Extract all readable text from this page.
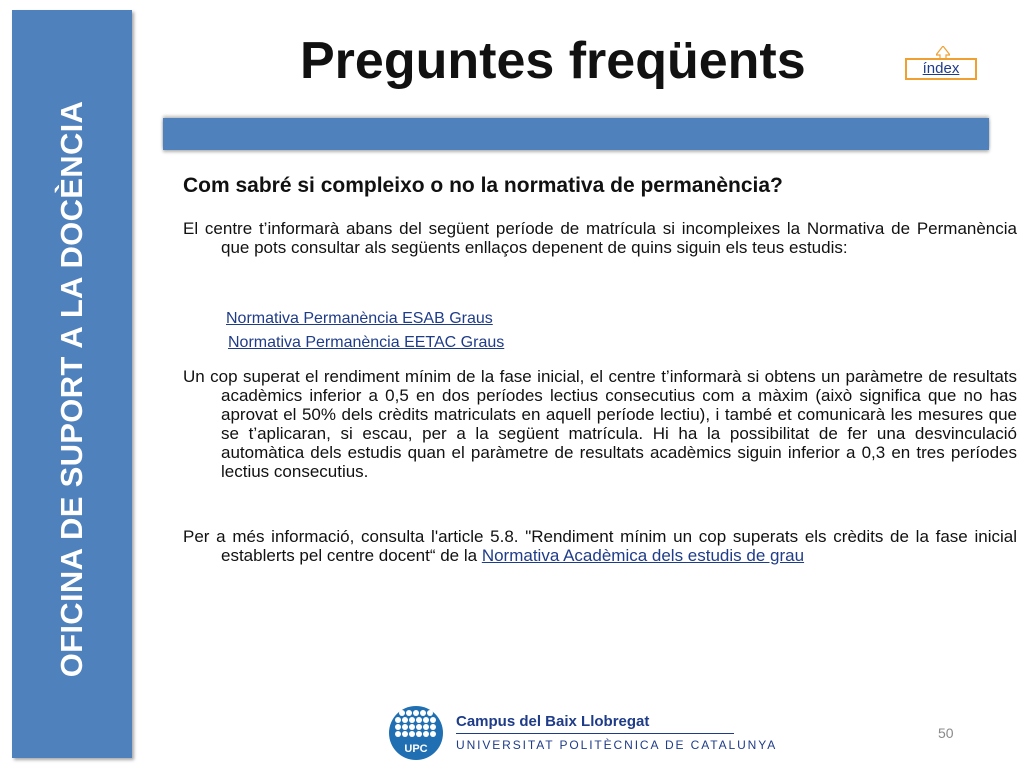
OFICINA DE SUPORT A LA DOCÈNCIA
Preguntes freqüents	índex
Com sabré si compleixo o no la normativa de permanència?

El centre t’informarà abans del següent període de matrícula si incompleixes la Normativa de Permanència que pots consultar als següents enllaços depenent de quins siguin els teus estudis:

Normativa Permanència ESAB Graus
Normativa Permanència EETAC Graus

Un cop superat el rendiment mínim de la fase inicial, el centre t’informarà si obtens un paràmetre de resultats acadèmics inferior a 0,5 en dos períodes lectius consecutius com a màxim (això significa que no has aprovat el 50% dels crèdits matriculats en aquell període lectiu), i també et comunicarà les mesures que se t’aplicaran, si escau, per a la següent matrícula. Hi ha la possibilitat de fer una desvinculació automàtica dels estudis quan el paràmetre de resultats acadèmics siguin inferior a 0,3 en tres períodes lectius consecutius.

Per a més informació, consulta l'article 5.8. "Rendiment mínim un cop superats els crèdits de la fase inicial establerts pel centre docent“ de la Normativa Acadèmica dels estudis de grau

UPC
Campus del Baix Llobregat
UNIVERSITAT POLITÈCNICA DE CATALUNYA
50
